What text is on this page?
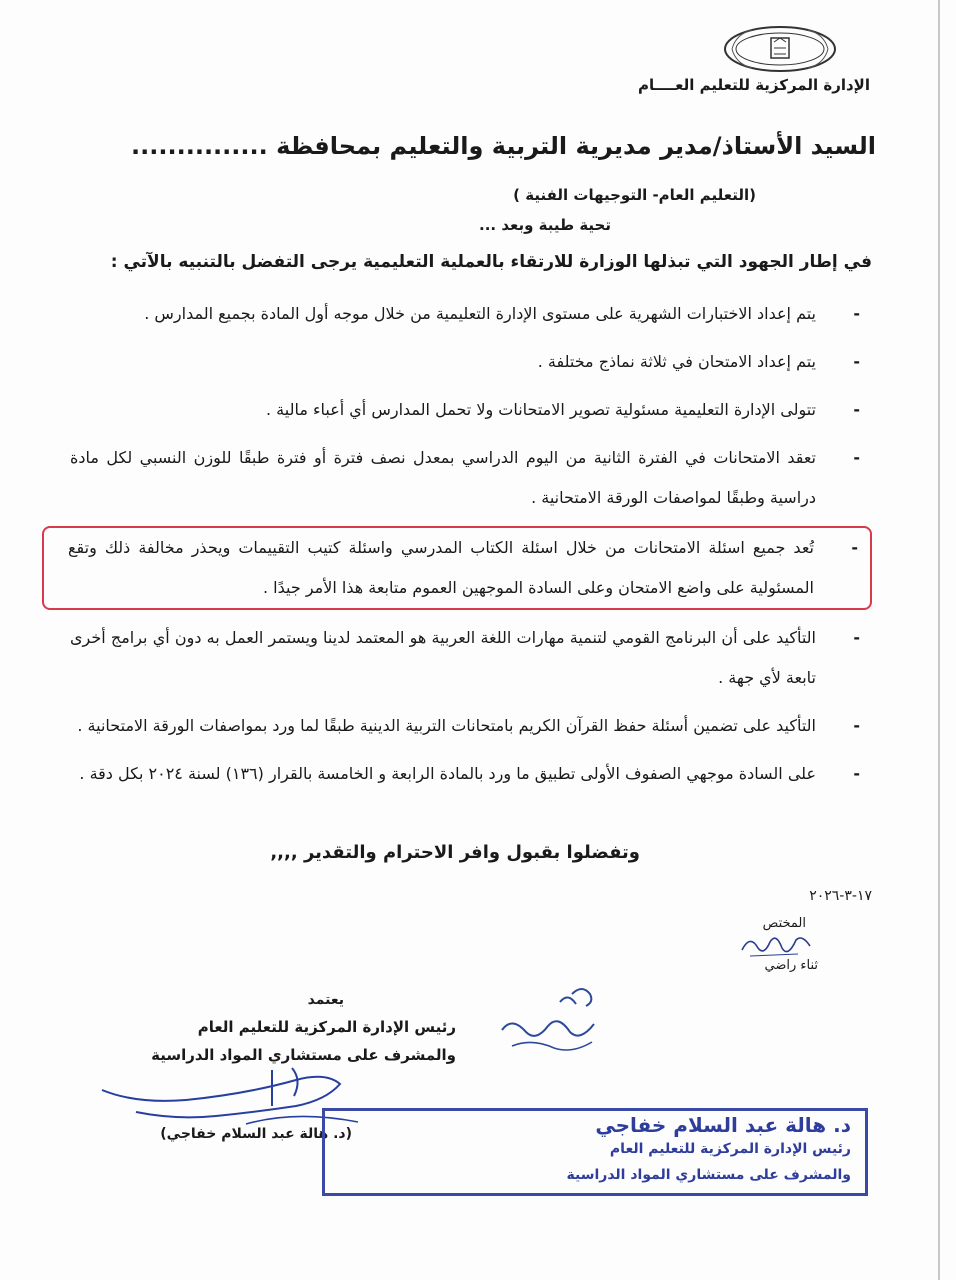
الإدارة المركزية للتعليم العــــام
السيد الأستاذ/مدير مديرية التربية والتعليم بمحافظة ...............
(التعليم العام- التوجيهات الفنية )
تحية طيبة وبعد ...
في إطار الجهود التي تبذلها الوزارة للارتقاء بالعملية التعليمية يرجى التفضل بالتنبيه بالآتي :
-
يتم إعداد الاختبارات الشهرية على مستوى الإدارة التعليمية من خلال موجه أول المادة بجميع المدارس .
-
يتم إعداد الامتحان في ثلاثة نماذج مختلفة .
-
تتولى الإدارة التعليمية مسئولية تصوير الامتحانات ولا تحمل المدارس أي أعباء مالية .
-
تعقد الامتحانات في الفترة الثانية من اليوم الدراسي بمعدل نصف فترة أو فترة طبقًا للوزن النسبي لكل مادة دراسية وطبقًا لمواصفات الورقة الامتحانية .
-
تُعد جميع اسئلة الامتحانات من خلال اسئلة الكتاب المدرسي واسئلة كتيب التقييمات ويحذر مخالفة ذلك وتقع المسئولية على واضع الامتحان وعلى السادة الموجهين العموم متابعة هذا الأمر جيدًا .
-
التأكيد على أن البرنامج القومي لتنمية مهارات اللغة العربية هو المعتمد لدينا ويستمر العمل به دون أي برامج أخرى تابعة لأي جهة .
-
التأكيد على تضمين أسئلة حفظ القرآن الكريم بامتحانات التربية الدينية طبقًا لما ورد بمواصفات الورقة الامتحانية .
-
على السادة موجهي الصفوف الأولى تطبيق ما ورد بالمادة الرابعة و الخامسة بالقرار (١٣٦) لسنة ٢٠٢٤ بكل دقة .
وتفضلوا بقبول وافر الاحترام والتقدير ,,,,
١٧-٣-٢٠٢٦
المختص
ثناء راضي
يعتمد
رئيس الإدارة المركزية للتعليم العام
والمشرف على مستشاري المواد الدراسية
(د. هالة عبد السلام خفاجي)	د. هالة عبد السلام خفاجي
رئيس الإدارة المركزية للتعليم العام
والمشرف على مستشاري المواد الدراسية
